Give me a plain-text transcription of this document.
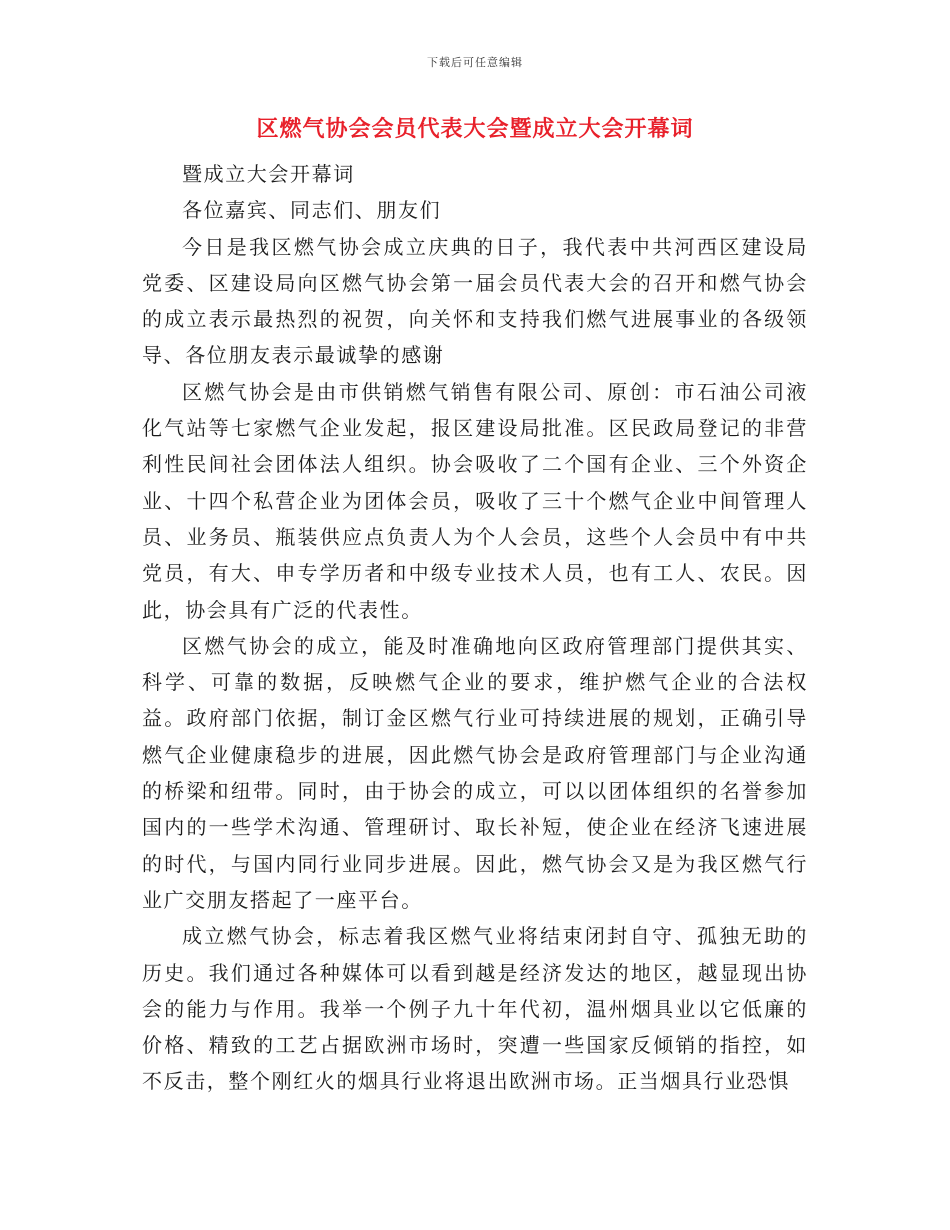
下载后可任意编辑
区燃气协会会员代表大会暨成立大会开幕词

暨成立大会开幕词

各位嘉宾、同志们、朋友们

今日是我区燃气协会成立庆典的日子，我代表中共河西区建设局党委、区建设局向区燃气协会第一届会员代表大会的召开和燃气协会的成立表示最热烈的祝贺，向关怀和支持我们燃气进展事业的各级领导、各位朋友表示最诚挚的感谢

区燃气协会是由市供销燃气销售有限公司、原创：市石油公司液化气站等七家燃气企业发起，报区建设局批准。区民政局登记的非营利性民间社会团体法人组织。协会吸收了二个国有企业、三个外资企业、十四个私营企业为团体会员，吸收了三十个燃气企业中间管理人员、业务员、瓶装供应点负责人为个人会员，这些个人会员中有中共党员，有大、申专学历者和中级专业技术人员，也有工人、农民。因此，协会具有广泛的代表性。

区燃气协会的成立，能及时准确地向区政府管理部门提供其实、科学、可靠的数据，反映燃气企业的要求，维护燃气企业的合法权益。政府部门依据，制订金区燃气行业可持续进展的规划，正确引导燃气企业健康稳步的进展，因此燃气协会是政府管理部门与企业沟通的桥梁和纽带。同时，由于协会的成立，可以以团体组织的名誉参加国内的一些学术沟通、管理研讨、取长补短，使企业在经济飞速进展的时代，与国内同行业同步进展。因此，燃气协会又是为我区燃气行业广交朋友搭起了一座平台。

成立燃气协会，标志着我区燃气业将结束闭封自守、孤独无助的历史。我们通过各种媒体可以看到越是经济发达的地区，越显现出协会的能力与作用。我举一个例子九十年代初，温州烟具业以它低廉的价格、精致的工艺占据欧洲市场时，突遭一些国家反倾销的指控，如不反击，整个刚红火的烟具行业将退出欧洲市场。正当烟具行业恐惧
